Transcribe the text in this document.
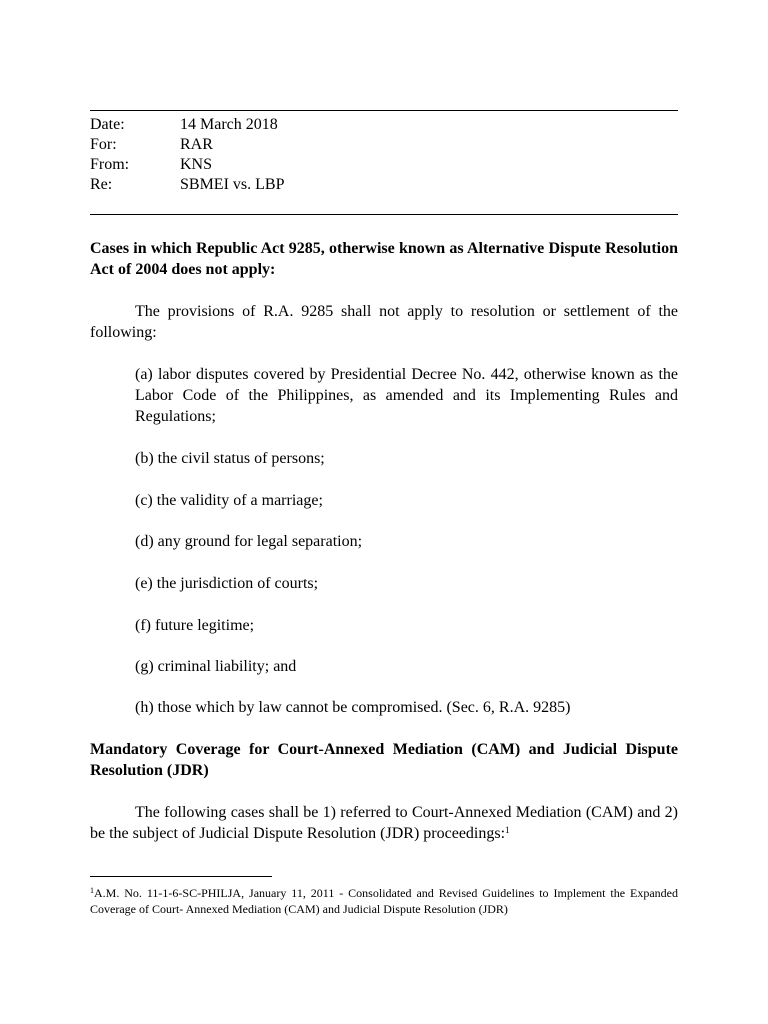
Date:	14 March 2018
For:	RAR
From:	KNS
Re:	SBMEI vs. LBP
Cases in which Republic Act 9285, otherwise known as Alternative Dispute Resolution Act of 2004 does not apply:
The provisions of R.A. 9285 shall not apply to resolution or settlement of the following:
(a) labor disputes covered by Presidential Decree No. 442, otherwise known as the Labor Code of the Philippines, as amended and its Implementing Rules and Regulations;
(b) the civil status of persons;
(c) the validity of a marriage;
(d) any ground for legal separation;
(e) the jurisdiction of courts;
(f) future legitime;
(g) criminal liability; and
(h) those which by law cannot be compromised. (Sec. 6, R.A. 9285)
Mandatory Coverage for Court-Annexed Mediation (CAM) and Judicial Dispute Resolution (JDR)
The following cases shall be 1) referred to Court-Annexed Mediation (CAM) and 2) be the subject of Judicial Dispute Resolution (JDR) proceedings:$^1$
$^1$A.M. No. 11-1-6-SC-PHILJA, January 11, 2011 - Consolidated and Revised Guidelines to Implement the Expanded Coverage of Court- Annexed Mediation (CAM) and Judicial Dispute Resolution (JDR)
